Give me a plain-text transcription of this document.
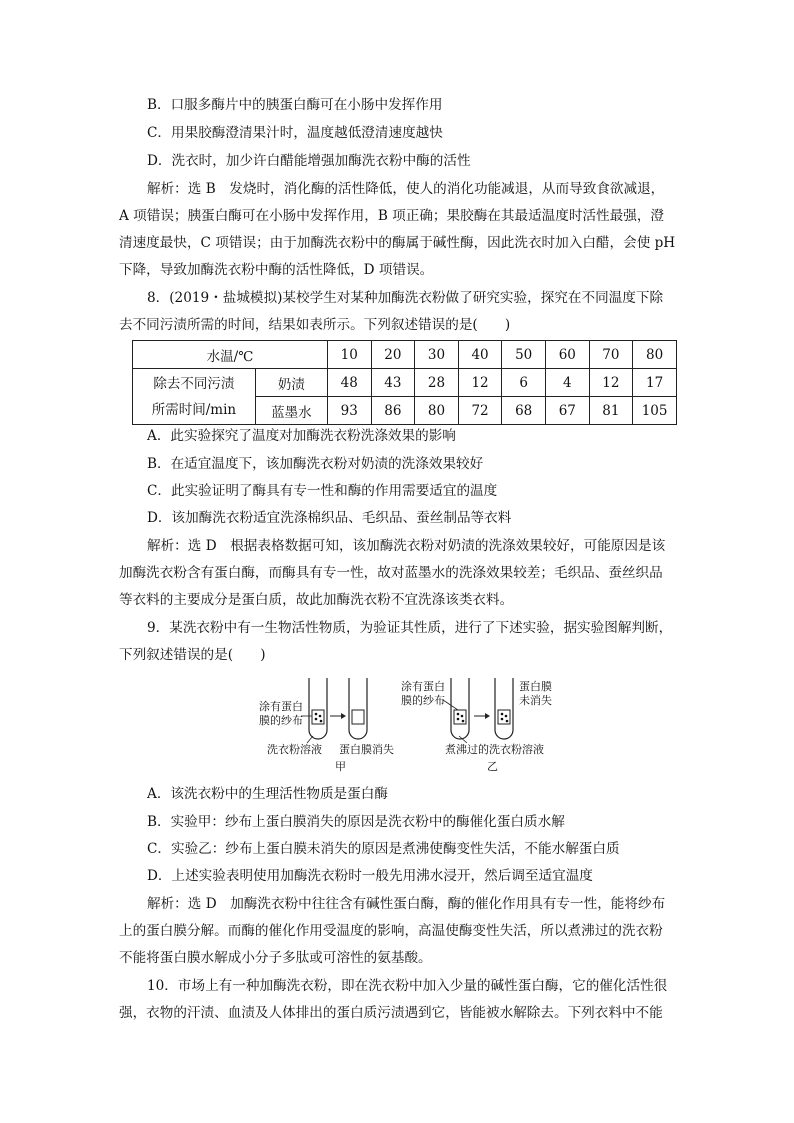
B．口服多酶片中的胰蛋白酶可在小肠中发挥作用
C．用果胶酶澄清果汁时，温度越低澄清速度越快
D．洗衣时，加少许白醋能增强加酶洗衣粉中酶的活性
解析：选 B　发烧时，消化酶的活性降低，使人的消化功能减退，从而导致食欲减退，
A 项错误；胰蛋白酶可在小肠中发挥作用，B 项正确；果胶酶在其最适温度时活性最强，澄
清速度最快，C 项错误；由于加酶洗衣粉中的酶属于碱性酶，因此洗衣时加入白醋，会使 pH
下降，导致加酶洗衣粉中酶的活性降低，D 项错误。
8．(2019・盐城模拟)某校学生对某种加酶洗衣粉做了研究实验，探究在不同温度下除
去不同污渍所需的时间，结果如表所示。下列叙述错误的是(　　)
水温/℃		10	20	30	40	50	60	70	80

除去不同污渍
所需时间/min	奶渍	48	43	28	12	6	4	12	17
	蓝墨水	93	86	80	72	68	67	81	105
A．此实验探究了温度对加酶洗衣粉洗涤效果的影响
B．在适宜温度下，该加酶洗衣粉对奶渍的洗涤效果较好
C．此实验证明了酶具有专一性和酶的作用需要适宜的温度
D．该加酶洗衣粉适宜洗涤棉织品、毛织品、蚕丝制品等衣料
解析：选 D　根据表格数据可知，该加酶洗衣粉对奶渍的洗涤效果较好，可能原因是该
加酶洗衣粉含有蛋白酶，而酶具有专一性，故对蓝墨水的洗涤效果较差；毛织品、蚕丝织品
等衣料的主要成分是蛋白质，故此加酶洗衣粉不宜洗涤该类衣料。
9．某洗衣粉中有一生物活性物质，为验证其性质，进行了下述实验，据实验图解判断，
下列叙述错误的是(　　)
涂有蛋白
膜的纱布
洗衣粉溶液 蛋白膜消失
甲
涂有蛋白
膜的纱布
蛋白膜
未消失
煮沸过的洗衣粉溶液
乙
A．该洗衣粉中的生理活性物质是蛋白酶
B．实验甲：纱布上蛋白膜消失的原因是洗衣粉中的酶催化蛋白质水解
C．实验乙：纱布上蛋白膜未消失的原因是煮沸使酶变性失活，不能水解蛋白质
D．上述实验表明使用加酶洗衣粉时一般先用沸水浸开，然后调至适宜温度
解析：选 D　加酶洗衣粉中往往含有碱性蛋白酶，酶的催化作用具有专一性，能将纱布
上的蛋白膜分解。而酶的催化作用受温度的影响，高温使酶变性失活，所以煮沸过的洗衣粉
不能将蛋白膜水解成小分子多肽或可溶性的氨基酸。
10．市场上有一种加酶洗衣粉，即在洗衣粉中加入少量的碱性蛋白酶，它的催化活性很
强，衣物的汗渍、血渍及人体排出的蛋白质污渍遇到它，皆能被水解除去。下列衣料中不能
